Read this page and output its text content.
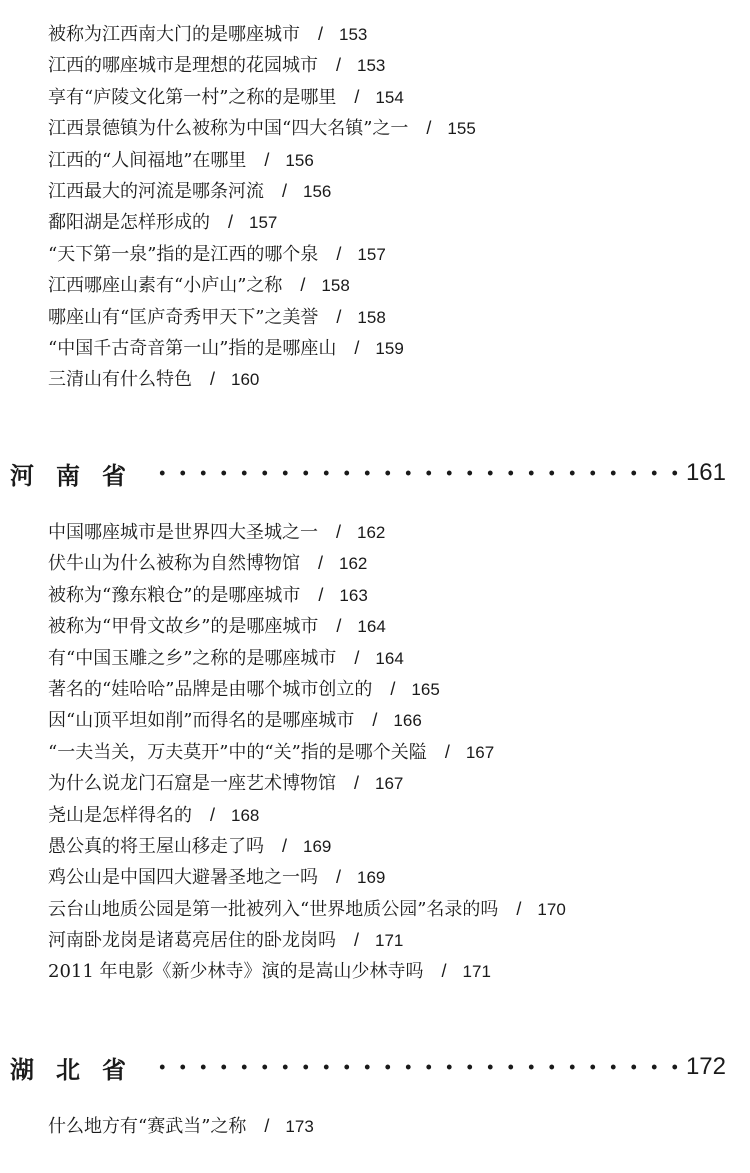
被称为江西南大门的是哪座城市 / 153
江西的哪座城市是理想的花园城市 / 153
享有“庐陵文化第一村”之称的是哪里 / 154
江西景德镇为什么被称为中国“四大名镇”之一 / 155
江西的“人间福地”在哪里 / 156
江西最大的河流是哪条河流 / 156
鄱阳湖是怎样形成的 / 157
“天下第一泉”指的是江西的哪个泉 / 157
江西哪座山素有“小庐山”之称 / 158
哪座山有“匡庐奇秀甲天下”之美誉 / 158
“中国千古奇音第一山”指的是哪座山 / 159
三清山有什么特色 / 160
河南省	161
中国哪座城市是世界四大圣城之一 / 162
伏牛山为什么被称为自然博物馆 / 162
被称为“豫东粮仓”的是哪座城市 / 163
被称为“甲骨文故乡”的是哪座城市 / 164
有“中国玉雕之乡”之称的是哪座城市 / 164
著名的“娃哈哈”品牌是由哪个城市创立的 / 165
因“山顶平坦如削”而得名的是哪座城市 / 166
“一夫当关，万夫莫开”中的“关”指的是哪个关隘 / 167
为什么说龙门石窟是一座艺术博物馆 / 167
尧山是怎样得名的 / 168
愚公真的将王屋山移走了吗 / 169
鸡公山是中国四大避暑圣地之一吗 / 169
云台山地质公园是第一批被列入“世界地质公园”名录的吗 / 170
河南卧龙岗是诸葛亮居住的卧龙岗吗 / 171
2011 年电影《新少林寺》演的是嵩山少林寺吗 / 171
湖北省	172
什么地方有“赛武当”之称 / 173
